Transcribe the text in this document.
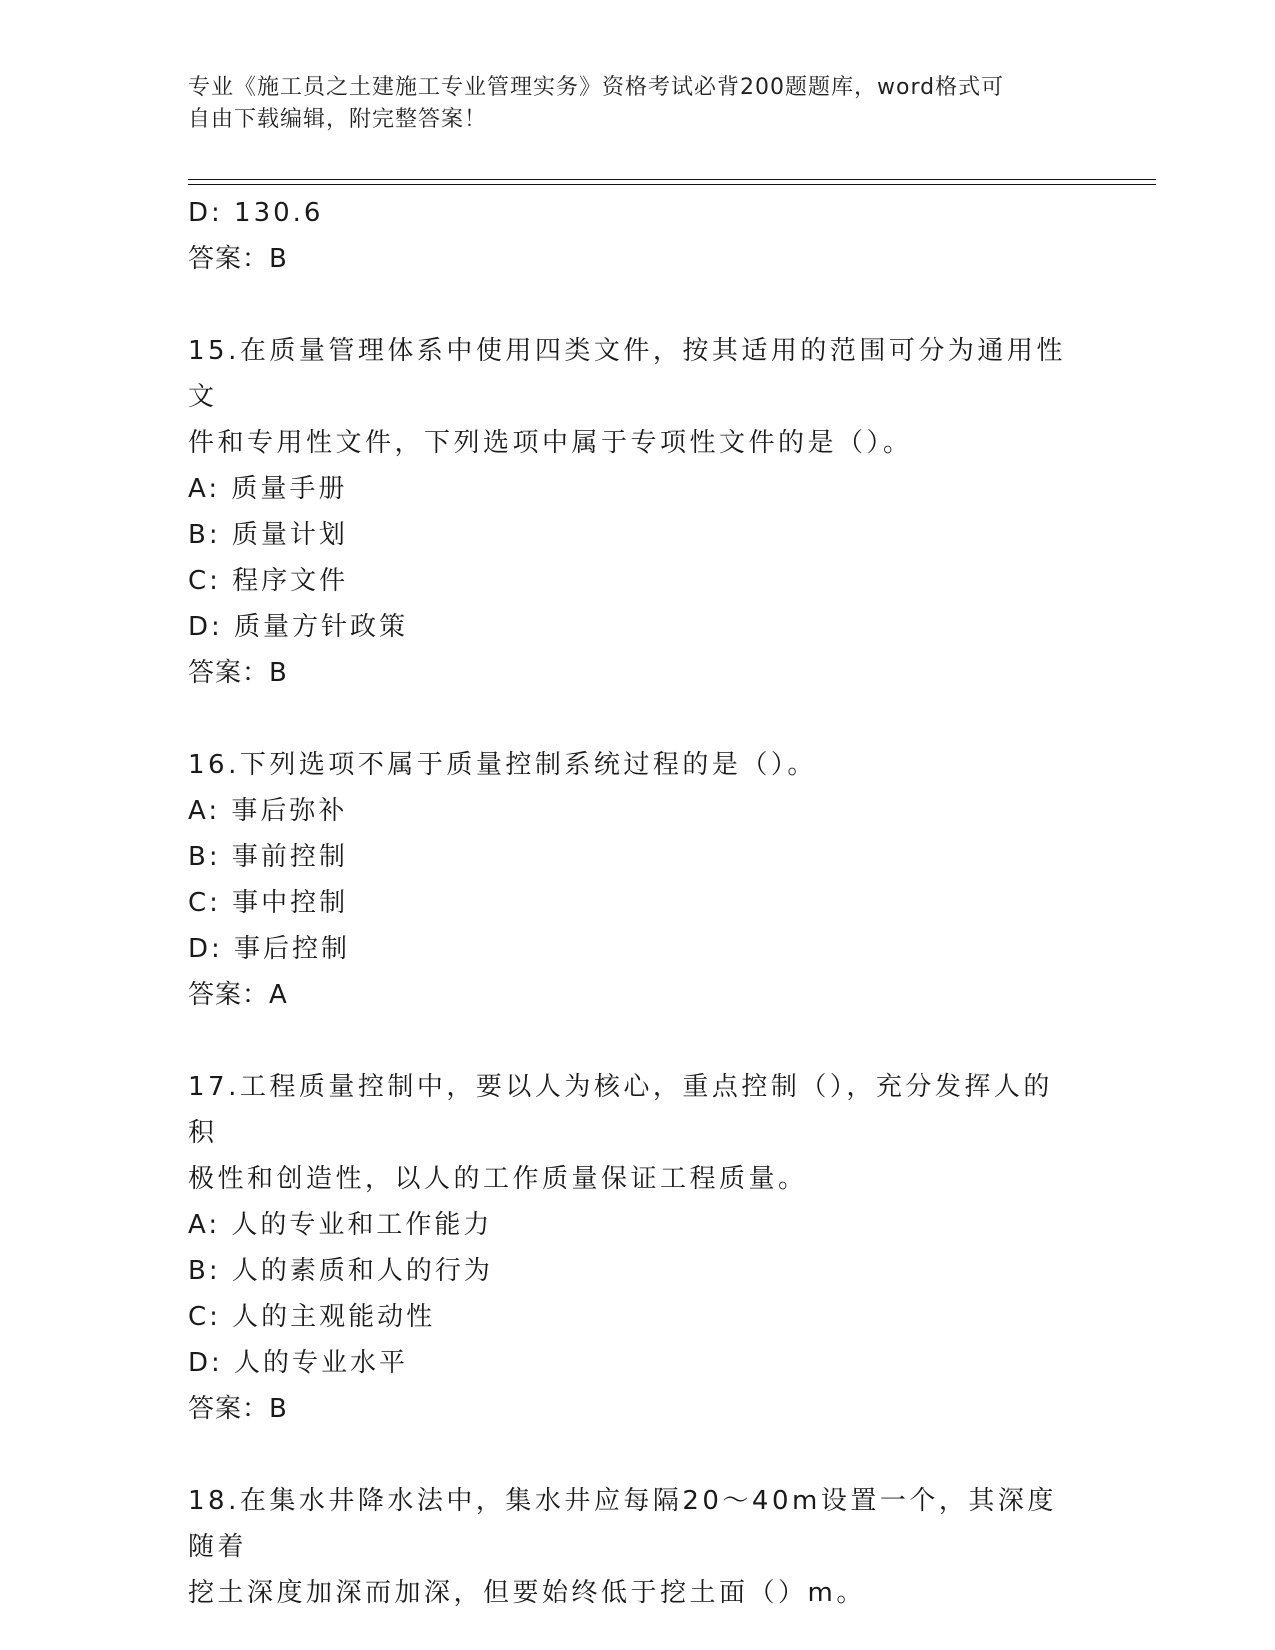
专业《施工员之土建施工专业管理实务》资格考试必背200题题库，word格式可
自由下载编辑，附完整答案！
D: 130.6
答案：B
15.在质量管理体系中使用四类文件，按其适用的范围可分为通用性文
件和专用性文件，下列选项中属于专项性文件的是（）。
A: 质量手册
B: 质量计划
C: 程序文件
D: 质量方针政策
答案：B
16.下列选项不属于质量控制系统过程的是（）。
A: 事后弥补
B: 事前控制
C: 事中控制
D: 事后控制
答案：A
17.工程质量控制中，要以人为核心，重点控制（），充分发挥人的积
极性和创造性，以人的工作质量保证工程质量。
A: 人的专业和工作能力
B: 人的素质和人的行为
C: 人的主观能动性
D: 人的专业水平
答案：B
18.在集水井降水法中，集水井应每隔20～40m设置一个，其深度随着
挖土深度加深而加深，但要始终低于挖土面（）m。
